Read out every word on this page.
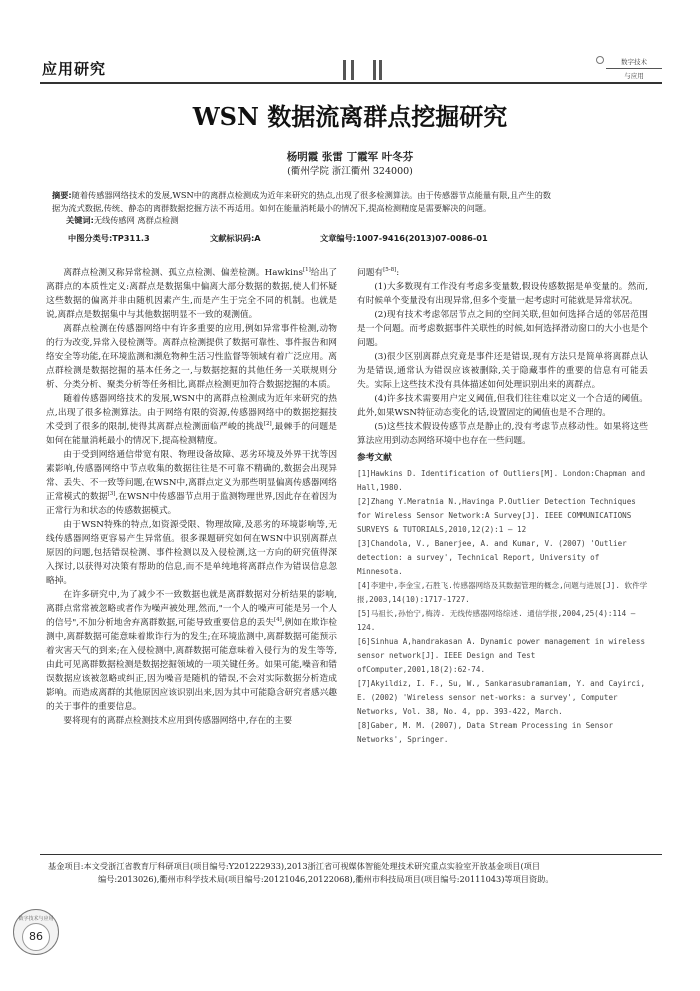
应用研究	数字技术
与应用
WSN 数据流离群点挖掘研究
杨明霞 张雷 丁霞军 叶冬芬
(衢州学院 浙江衢州 324000)
摘要:随着传感器网络技术的发展,WSN中的离群点检测成为近年来研究的热点,出现了很多检测算法。由于传感器节点能量有限,且产生的数
据为流式数据,传统、静态的离群数据挖掘方法不再适用。如何在能量消耗最小的情况下,提高检测精度是需要解决的问题。
关键词:无线传感网 离群点检测
中图分类号:TP311.3	文献标识码:A	文章编号:1007-9416(2013)07-0086-01

离群点检测又称异常检测、孤立点检测、偏差检测。Hawkins[1]给出了离群点的本质性定义:离群点是数据集中偏离大部分数据的数据,使人们怀疑这些数据的偏离并非由随机因素产生,而是产生于完全不同的机制。也就是说,离群点是数据集中与其他数据明显不一致的观测值。

离群点检测在传感器网络中有许多重要的应用,例如异常事件检测,动物的行为改变,异常入侵检测等。离群点检测提供了数据可靠性、事件报告和网络安全等功能,在环境监测和濒危物种生活习性监督等领域有着广泛应用。离点群检测是数据挖掘的基本任务之一,与数据挖掘的其他任务一关联规则分析、分类分析、聚类分析等任务相比,离群点检测更加符合数据挖掘的本质。

随着传感器网络技术的发展,WSN中的离群点检测成为近年来研究的热点,出现了很多检测算法。由于网络有限的资源,传感器网络中的数据挖掘技术受到了很多的限制,使得其离群点检测面临严峻的挑战[2],最棘手的问题是如何在能量消耗最小的情况下,提高检测精度。

由于受到网络通信带宽有限、物理设备故障、恶劣环境及外界干扰等因素影响,传感器网络中节点收集的数据往往是不可靠不精确的,数据会出现异常、丢失、不一致等问题,在WSN中,离群点定义为那些明显偏离传感器网络正常模式的数据[3],在WSN中传感器节点用于监测物理世界,因此存在着因为正常行为和状态的传感数据模式。

由于WSN特殊的特点,如资源受限、物理故障,及恶劣的环境影响等,无线传感器网络更容易产生异常值。很多课题研究如何在WSN中识别离群点原因的问题,包括错误检测、事件检测以及入侵检测,这一方向的研究值得深入探讨,以获得对决策有帮助的信息,而不是单纯地将离群点作为错误信息忽略掉。

在许多研究中,为了减少不一致数据也就是离群数据对分析结果的影响,离群点常常被忽略或者作为噪声被处理,然而,"一个人的噪声可能是另一个人的信号",不加分析地舍弃离群数据,可能导致重要信息的丢失[4],例如在欺诈检测中,离群数据可能意味着欺诈行为的发生;在环境监测中,离群数据可能预示着灾害天气的到来;在入侵检测中,离群数据可能意味着入侵行为的发生等等,由此可见离群数据检测是数据挖掘领域的一项关键任务。如果可能,噪音和错误数据应该被忽略或纠正,因为噪音是随机的错误,不会对实际数据分析造成影响。而造成离群的其他原因应该识别出来,因为其中可能隐含研究者感兴趣的关于事件的重要信息。

要将现有的离群点检测技术应用到传感器网络中,存在的主要

问题有[5-8]:

(1)大多数现有工作没有考虑多变量数,假设传感数据是单变量的。然而,有时候单个变量没有出现异常,但多个变量一起考虑时可能就是异常状况。

(2)现有技术考虑邻居节点之间的空间关联,但如何选择合适的邻居范围是一个问题。而考虑数据事件关联性的时候,如何选择滑动窗口的大小也是个问题。

(3)很少区别离群点究竟是事件还是错误,现有方法只是简单将离群点认为是错误,通常认为错误应该被删除,关于隐藏事件的重要的信息有可能丢失。实际上这些技术没有具体描述如何处理识别出来的离群点。

(4)许多技术需要用户定义阈值,但我们往往难以定义一个合适的阈值。此外,如果WSN特征动态变化的话,设置固定的阈值也是不合理的。

(5)这些技术假设传感节点是静止的,没有考虑节点移动性。如果将这些算法应用到动态网络环境中也存在一些问题。

参考文献

[1]Hawkins D. Identification of Outliers[M]. London:Chapman and Hall,1980.

[2]Zhang Y.Meratnia N.,Havinga P.Outlier Detection Techniques for Wireless Sensor Network:A Survey[J]. IEEE COMMUNICATIONS SURVEYS & TUTORIALS,2010,12(2):1 — 12

[3]Chandola, V., Banerjee, A. and Kumar, V. (2007) 'Outlier detection: a survey', Technical Report, University of Minnesota.

[4]李建中,李金宝,石胜飞.传感器网络及其数据管理的概念,问题与进展[J]. 软件学报,2003,14(10):1717-1727.

[5]马祖长,孙怡宁,梅涛. 无线传感器网络综述. 通信学报,2004,25(4):114 — 124.

[6]Sinhua A,handrakasan A. Dynamic power management in wireless sensor network[J]. IEEE Design and Test ofComputer,2001,18(2):62-74.

[7]Akyildiz, I. F., Su, W., Sankarasubramaniam, Y. and Cayirci, E. (2002) 'Wireless sensor net-works: a survey', Computer Networks, Vol. 38, No. 4, pp. 393-422, March.

[8]Gaber, M. M. (2007), Data Stream Processing in Sensor Networks', Springer.

基金项目:本文受浙江省教育厅科研项目(项目编号:Y201222933),2013浙江省可视媒体智能处理技术研究重点实验室开放基金项目(项目
编号:2013026),衢州市科学技术局(项目编号:20121046,20122068),衢州市科技局项目(项目编号:20111043)等项目资助。
数字技术与应用
86
